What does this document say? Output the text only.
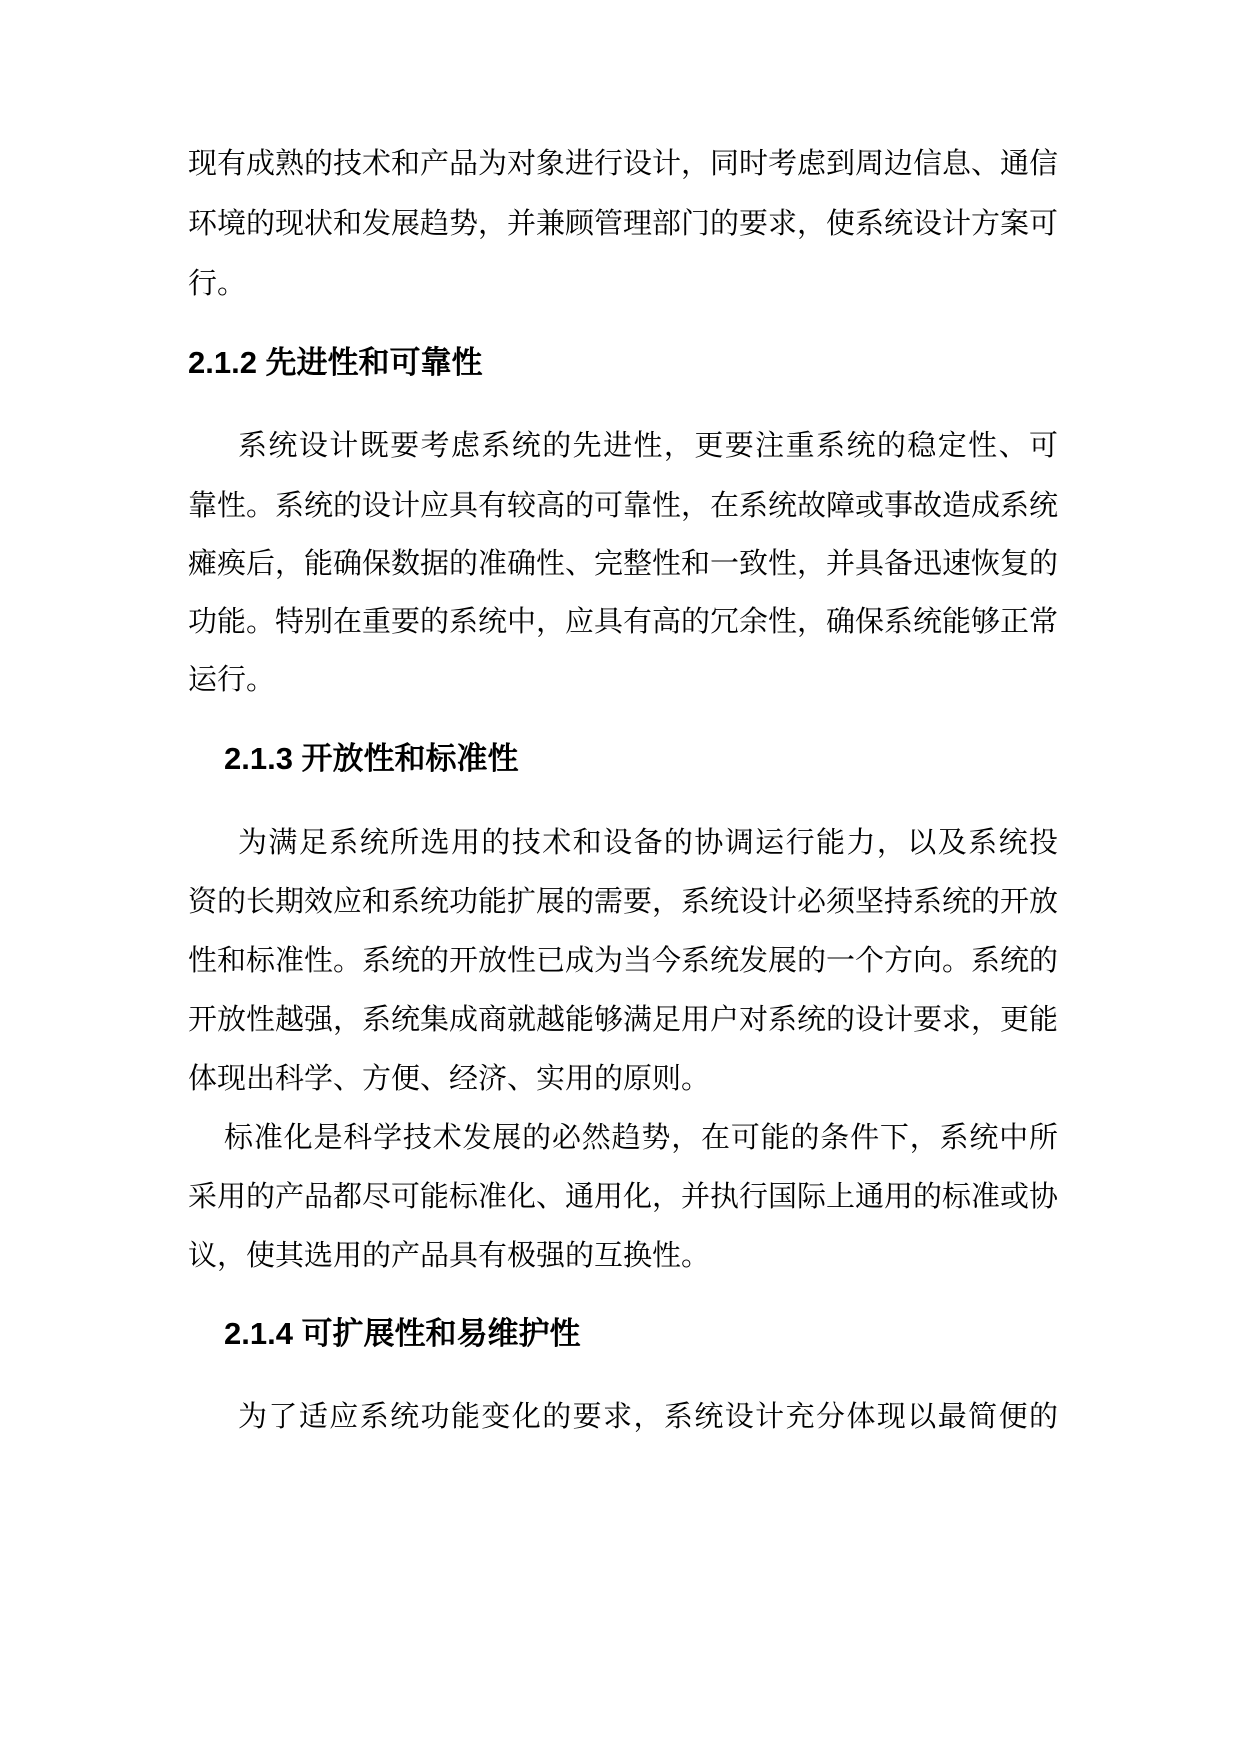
现有成熟的技术和产品为对象进行设计，同时考虑到周边信息、通信
环境的现状和发展趋势，并兼顾管理部门的要求，使系统设计方案可
行。
2.1.2 先进性和可靠性
系统设计既要考虑系统的先进性，更要注重系统的稳定性、可
靠性。系统的设计应具有较高的可靠性，在系统故障或事故造成系统
瘫痪后，能确保数据的准确性、完整性和一致性，并具备迅速恢复的
功能。特别在重要的系统中，应具有高的冗余性，确保系统能够正常
运行。
2.1.3 开放性和标准性
为满足系统所选用的技术和设备的协调运行能力，以及系统投
资的长期效应和系统功能扩展的需要，系统设计必须坚持系统的开放
性和标准性。系统的开放性已成为当今系统发展的一个方向。系统的
开放性越强，系统集成商就越能够满足用户对系统的设计要求，更能
体现出科学、方便、经济、实用的原则。
标准化是科学技术发展的必然趋势，在可能的条件下，系统中所
采用的产品都尽可能标准化、通用化，并执行国际上通用的标准或协
议，使其选用的产品具有极强的互换性。
2.1.4 可扩展性和易维护性
为了适应系统功能变化的要求，系统设计充分体现以最简便的
